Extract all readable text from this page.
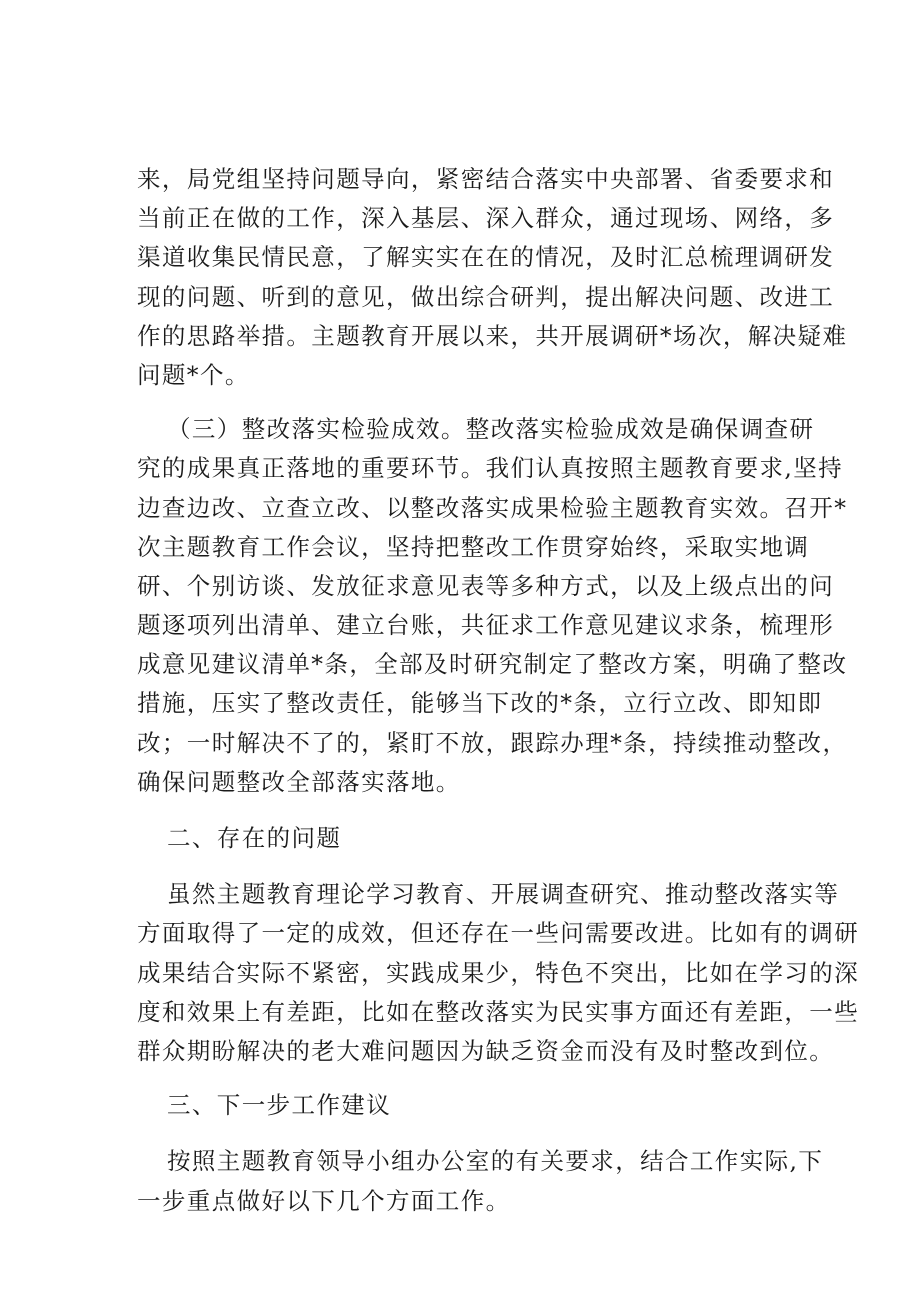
来，局党组坚持问题导向，紧密结合落实中央部署、省委要求和
当前正在做的工作，深入基层、深入群众，通过现场、网络，多
渠道收集民情民意，了解实实在在的情况，及时汇总梳理调研发
现的问题、听到的意见，做出综合研判，提出解决问题、改进工
作的思路举措。主题教育开展以来，共开展调研*场次，解决疑难
问题*个。
（三）整改落实检验成效。整改落实检验成效是确保调查研
究的成果真正落地的重要环节。我们认真按照主题教育要求,坚持
边查边改、立查立改、以整改落实成果检验主题教育实效。召开*
次主题教育工作会议，坚持把整改工作贯穿始终，采取实地调
研、个别访谈、发放征求意见表等多种方式，以及上级点出的问
题逐项列出清单、建立台账，共征求工作意见建议求条，梳理形
成意见建议清单*条，全部及时研究制定了整改方案，明确了整改
措施，压实了整改责任，能够当下改的*条，立行立改、即知即
改；一时解决不了的，紧盯不放，跟踪办理*条，持续推动整改，
确保问题整改全部落实落地。
二、存在的问题
虽然主题教育理论学习教育、开展调查研究、推动整改落实等
方面取得了一定的成效，但还存在一些问需要改进。比如有的调研
成果结合实际不紧密，实践成果少，特色不突出，比如在学习的深
度和效果上有差距，比如在整改落实为民实事方面还有差距，一些
群众期盼解决的老大难问题因为缺乏资金而没有及时整改到位。
三、下一步工作建议
按照主题教育领导小组办公室的有关要求，结合工作实际,下
一步重点做好以下几个方面工作。
